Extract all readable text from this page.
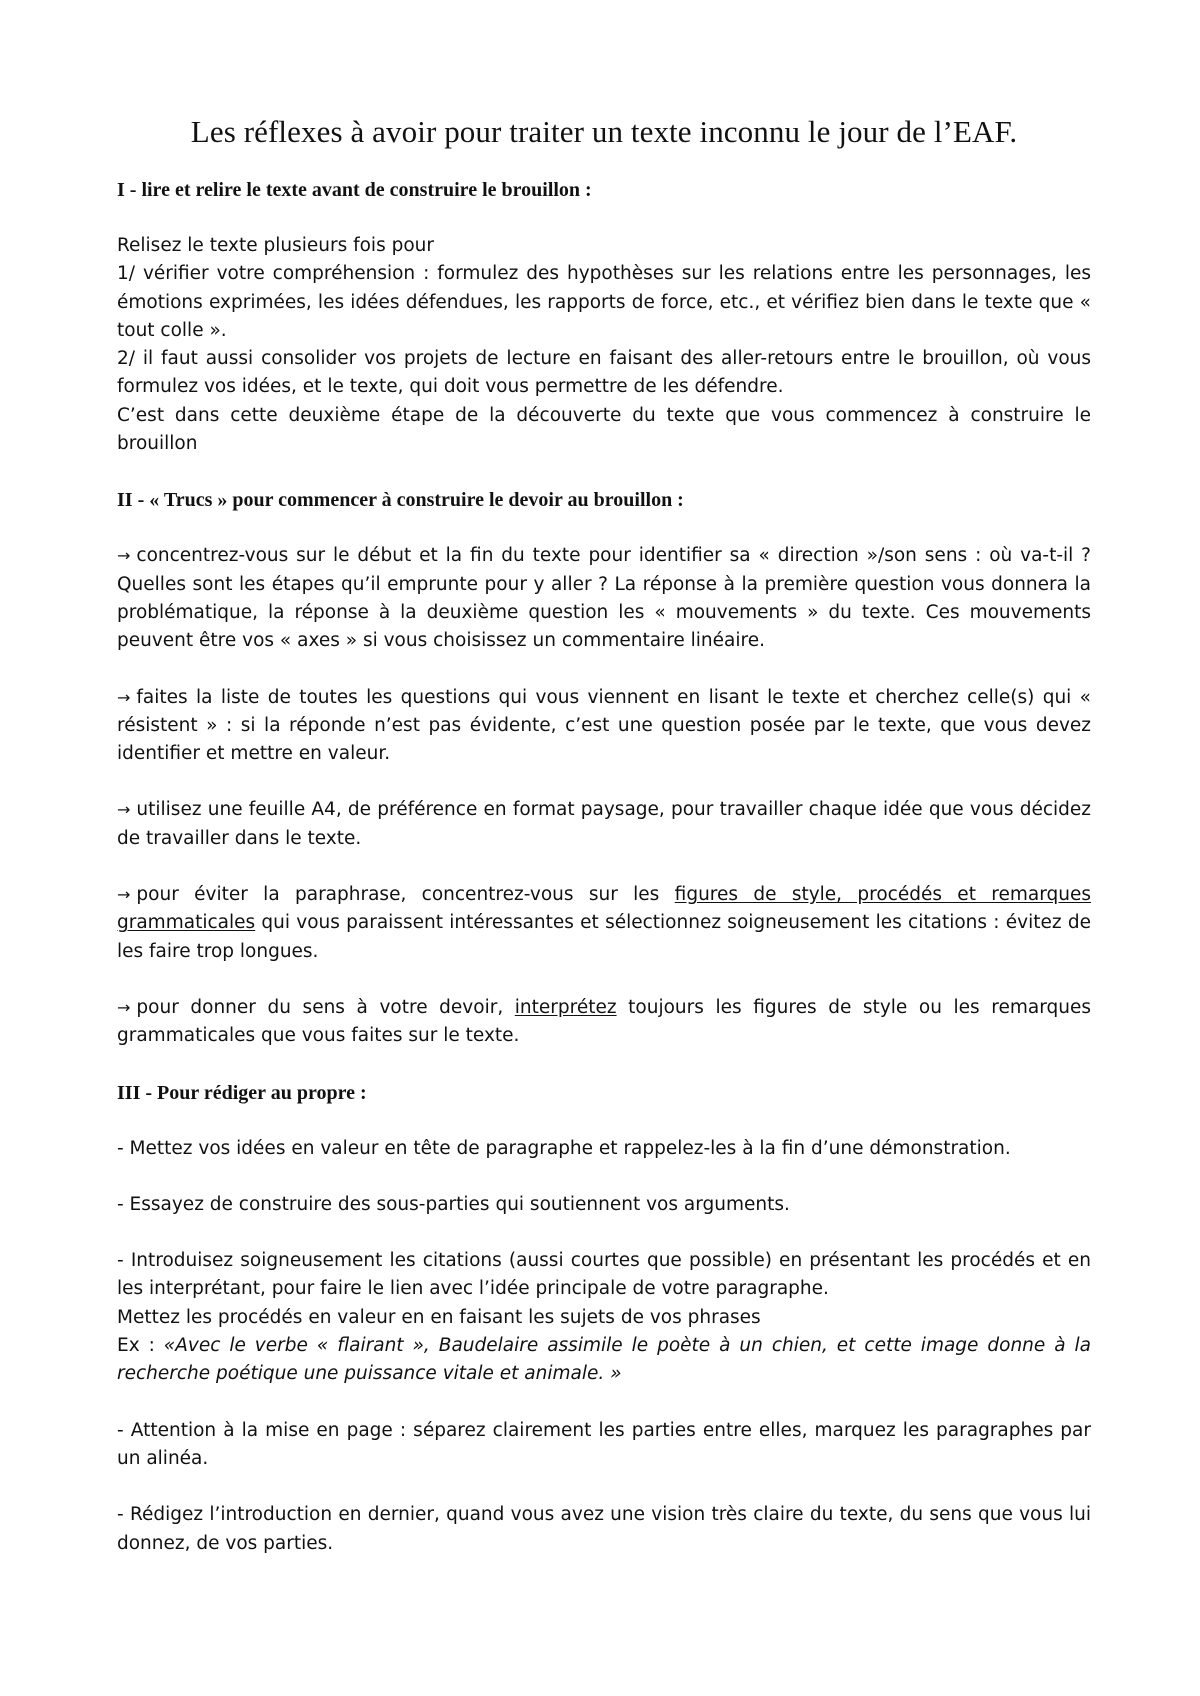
Les réflexes à avoir pour traiter un texte inconnu le jour de l’EAF.
I - lire et relire le texte avant de construire le brouillon :

Relisez le texte plusieurs fois pour

1/ vérifier votre compréhension : formulez des hypothèses sur les relations entre les personnages, les émotions exprimées, les idées défendues, les rapports de force, etc., et vérifiez bien dans le texte que « tout colle ».

2/ il faut aussi consolider vos projets de lecture en faisant des aller-retours entre le brouillon, où vous formulez vos idées, et le texte, qui doit vous permettre de les défendre.

C’est dans cette deuxième étape de la découverte du texte que vous commencez à construire le brouillon

II - « Trucs » pour commencer à construire le devoir au brouillon :

→ concentrez-vous sur le début et la fin du texte pour identifier sa « direction »/son sens : où va-t-il ? Quelles sont les étapes qu’il emprunte pour y aller ? La réponse à la première question vous donnera la problématique, la réponse à la deuxième question les « mouvements » du texte. Ces mouvements peuvent être vos « axes » si vous choisissez un commentaire linéaire.

→ faites la liste de toutes les questions qui vous viennent en lisant le texte et cherchez celle(s) qui « résistent » : si la réponde n’est pas évidente, c’est une question posée par le texte, que vous devez identifier et mettre en valeur.

→ utilisez une feuille A4, de préférence en format paysage, pour travailler chaque idée que vous décidez de travailler dans le texte.

→ pour éviter la paraphrase, concentrez-vous sur les figures de style, procédés et remarques grammaticales qui vous paraissent intéressantes et sélectionnez soigneusement les citations : évitez de les faire trop longues.

→ pour donner du sens à votre devoir, interprétez toujours les figures de style ou les remarques grammaticales que vous faites sur le texte.

III - Pour rédiger au propre :

- Mettez vos idées en valeur en tête de paragraphe et rappelez-les à la fin d’une démonstration.

- Essayez de construire des sous-parties qui soutiennent vos arguments.

- Introduisez soigneusement les citations (aussi courtes que possible) en présentant les procédés et en les interprétant, pour faire le lien avec l’idée principale de votre paragraphe.

Mettez les procédés en valeur en en faisant les sujets de vos phrases

Ex : «Avec le verbe « flairant », Baudelaire assimile le poète à un chien, et cette image donne à la recherche poétique une puissance vitale et animale. »

- Attention à la mise en page : séparez clairement les parties entre elles, marquez les paragraphes par un alinéa.

- Rédigez l’introduction en dernier, quand vous avez une vision très claire du texte, du sens que vous lui donnez, de vos parties.
